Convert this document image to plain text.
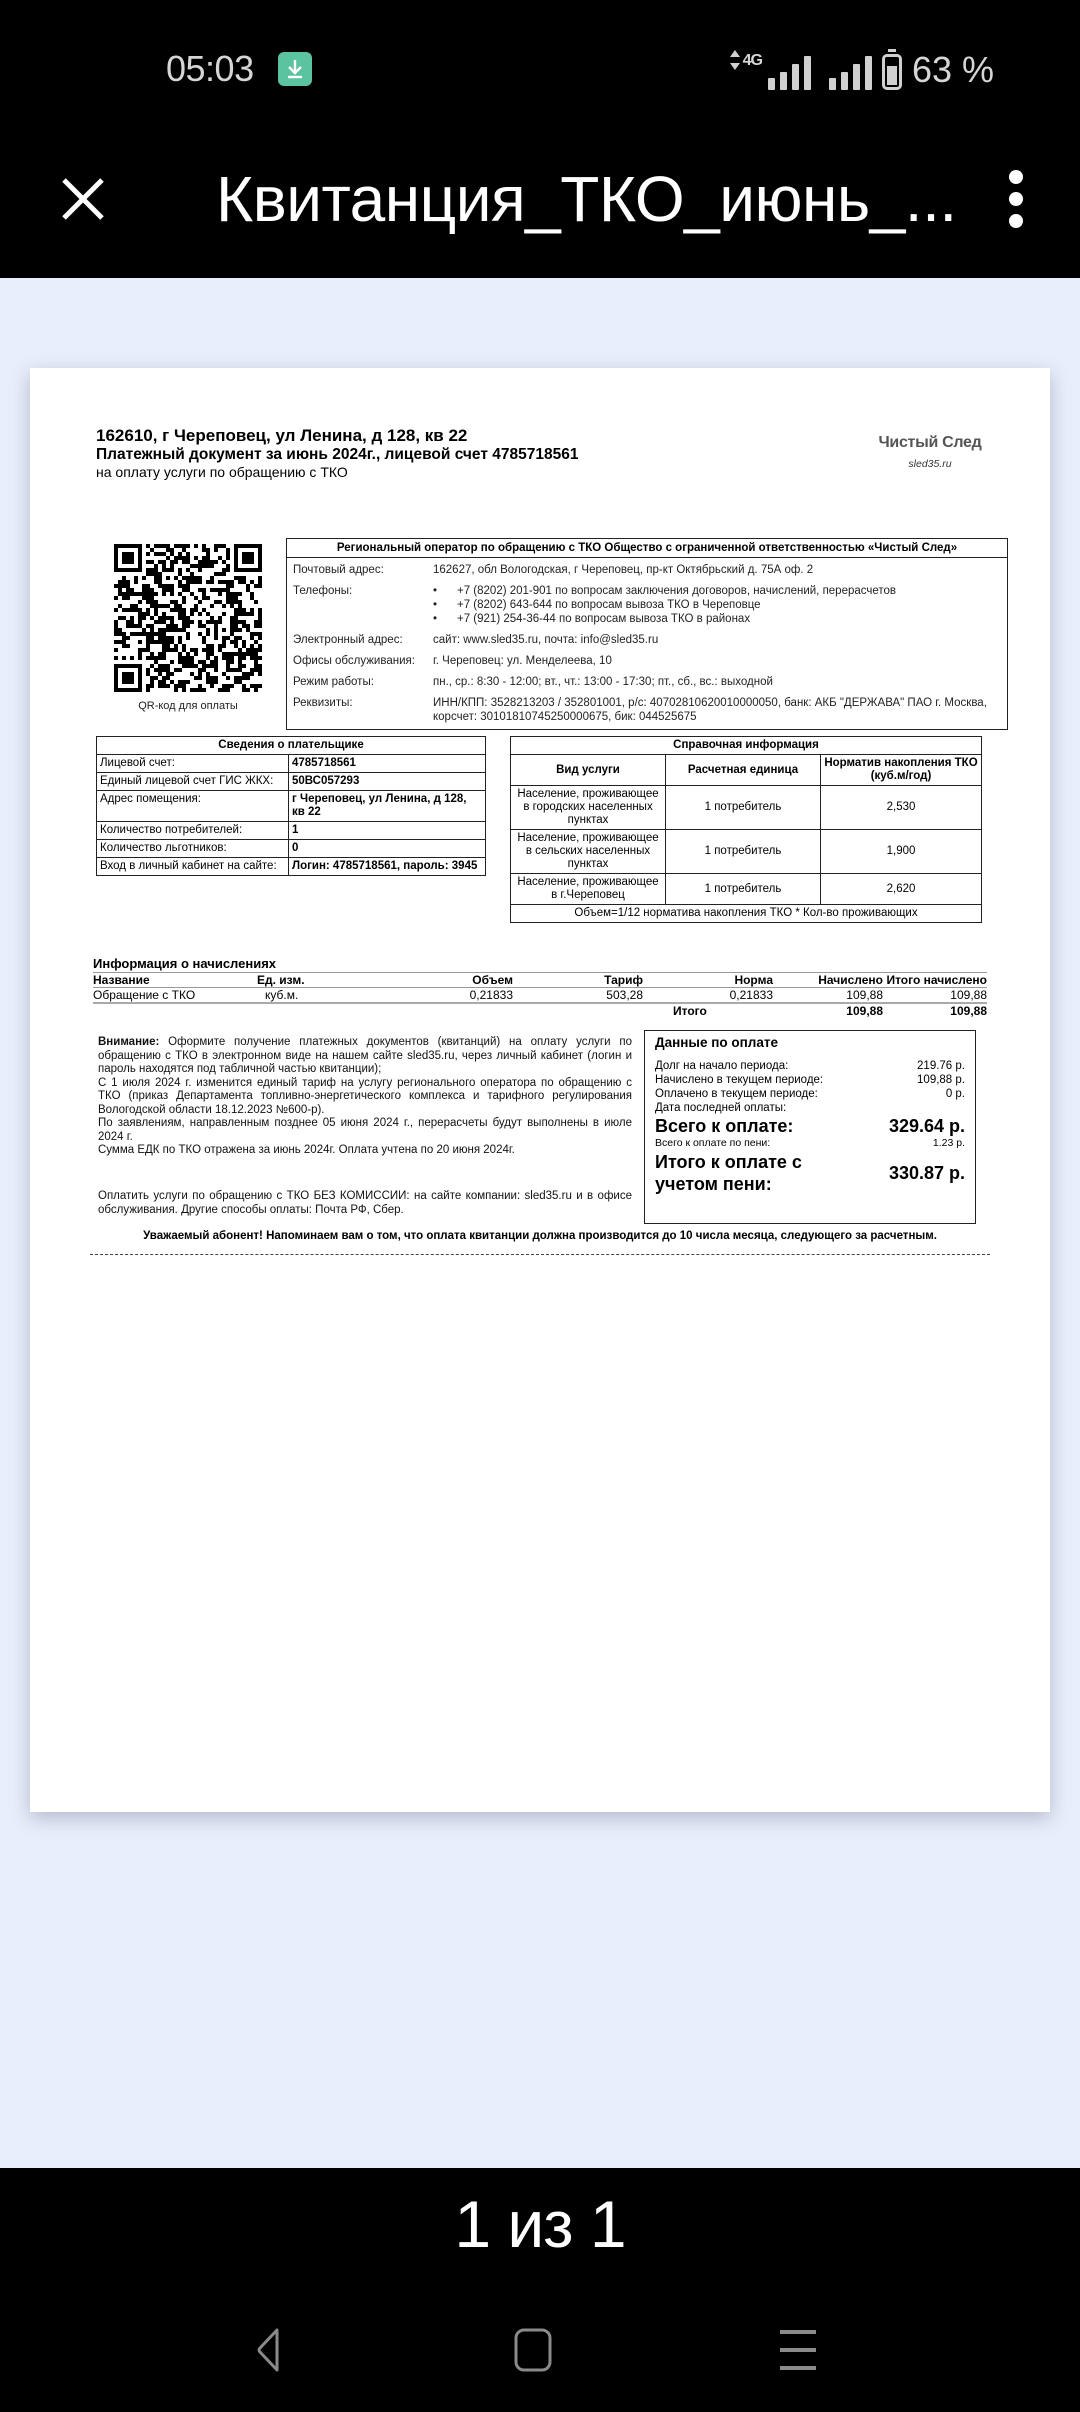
05:03	4G	63 %
Квитанция_ТКО_июнь_...
162610, г Череповец, ул Ленина, д 128, кв 22
Платежный документ за июнь 2024г., лицевой счет 4785718561
на оплату услуги по обращению с ТКО
Чистый След
sled35.ru
QR-код для оплаты
Региональный оператор по обращению с ТКО Общество с ограниченной ответственностью «Чистый След»
Почтовый адрес:	162627, обл Вологодская, г Череповец, пр-кт Октябрьский д. 75А оф. 2
Телефоны:	• +7 (8202) 201-901 по вопросам заключения договоров, начислений, перерасчетов
• +7 (8202) 643-644 по вопросам вывоза ТКО в Череповце
• +7 (921) 254-36-44 по вопросам вывоза ТКО в районах
Электронный адрес:	сайт: www.sled35.ru, почта: info@sled35.ru
Офисы обслуживания:	г. Череповец: ул. Менделеева, 10
Режим работы:	пн., ср.: 8:30 - 12:00; вт., чт.: 13:00 - 17:30; пт., сб., вс.: выходной
Реквизиты:	ИНН/КПП: 3528213203 / 352801001, р/с: 40702810620010000050, банк: АКБ "ДЕРЖАВА" ПАО г. Москва, корсчет: 30101810745250000675, бик: 044525675
Сведения о плательщике	
Лицевой счет:	4785718561
Единый лицевой счет ГИС ЖКХ:	50ВС057293
Адрес помещения:	г Череповец, ул Ленина, д 128, кв 22
Количество потребителей:	1
Количество льготников:	0
Вход в личный кабинет на сайте:	Логин: 4785718561, пароль: 3945
Справочная информация		
Вид услуги	Расчетная единица	Норматив накопления ТКО (куб.м/год)
Население, проживающее в городских населенных пунктах	1 потребитель	2,530
Население, проживающее в сельских населенных пунктах	1 потребитель	1,900
Население, проживающее в г.Череповец	1 потребитель	2,620
Объем=1/12 норматива накопления ТКО * Кол-во проживающих		
Информация о начислениях
Название	Ед. изм.	Объем	Тариф	Норма	Начислено Итого начислено
Обращение с ТКО	куб.м.	0,21833	503,28	0,21833	109,88	109,88
Итого	109,88	109,88
Внимание: Оформите получение платежных документов (квитанций) на оплату услуги по обращению с ТКО в электронном виде на нашем сайте sled35.ru, через личный кабинет (логин и пароль находятся под табличной частью квитанции);
С 1 июля 2024 г. изменится единый тариф на услугу регионального оператора по обращению с ТКО (приказ Департамента топливно-энергетического комплекса и тарифного регулирования Вологодской области 18.12.2023 №600-р).
По заявлениям, направленным позднее 05 июня 2024 г., перерасчеты будут выполнены в июле 2024 г.
Сумма ЕДК по ТКО отражена за июнь 2024г. Оплата учтена по 20 июня 2024г.
Оплатить услуги по обращению с ТКО БЕЗ КОМИССИИ: на сайте компании: sled35.ru и в офисе обслуживания. Другие способы оплаты: Почта РФ, Сбер.
Данные по оплате
Долг на начало периода:	219.76 р.
Начислено в текущем периоде:	109,88 р.
Оплачено в текущем периоде:	0 р.
Дата последней оплаты:
Всего к оплате:	329.64 р.
Всего к оплате по пени:	1.23 р.
Итого к оплате с учетом пени:
330.87 р.
Уважаемый абонент! Напоминаем вам о том, что оплата квитанции должна производится до 10 числа месяца, следующего за расчетным.
1 из 1
